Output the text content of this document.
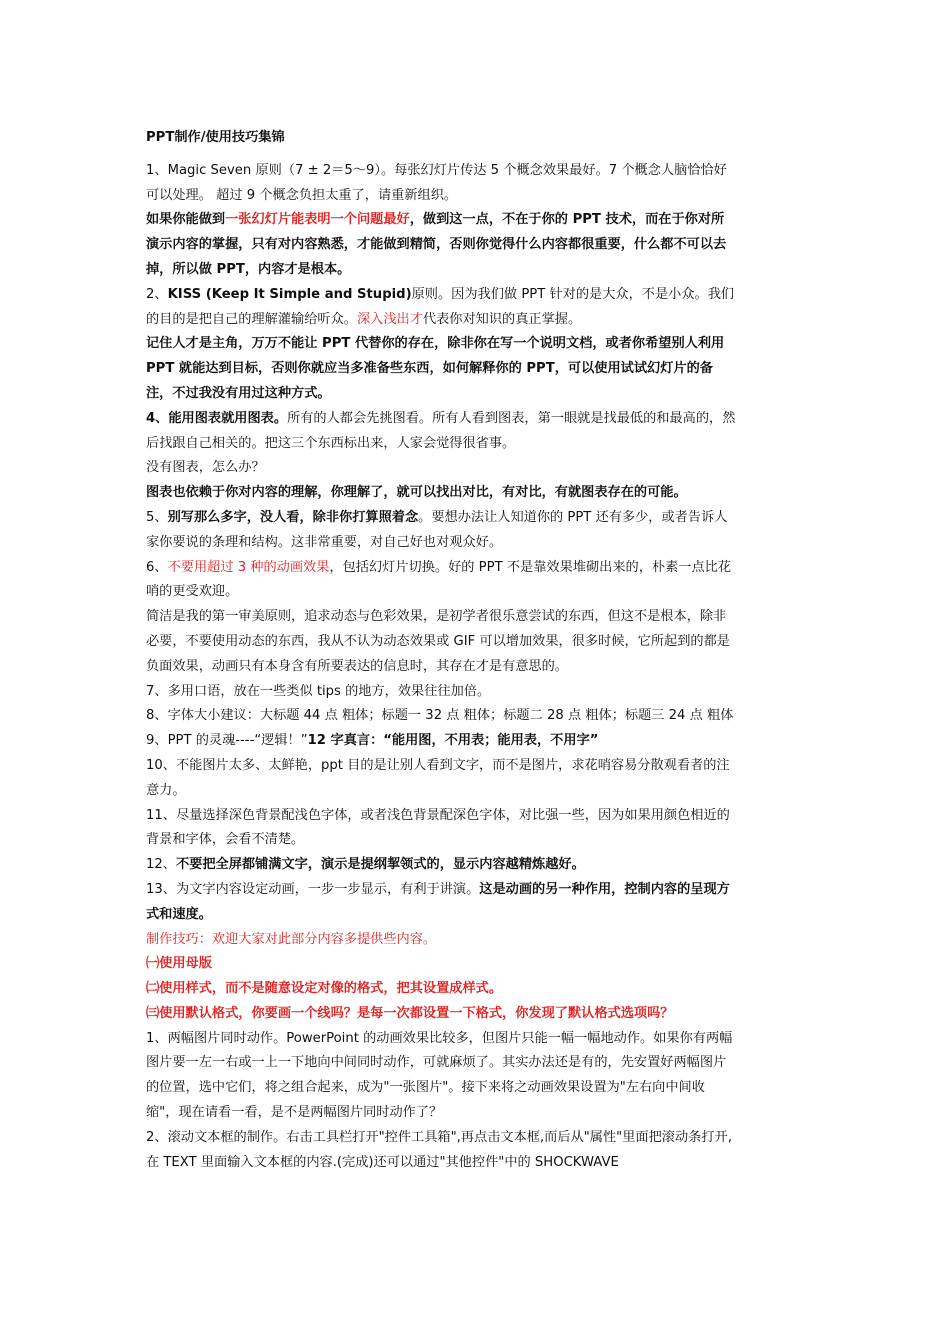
PPT制作/使用技巧集锦
1、Magic Seven 原则（7 ± 2＝5～9）。每张幻灯片传达 5 个概念效果最好。7 个概念人脑恰恰好可以处理。 超过 9 个概念负担太重了，请重新组织。
如果你能做到一张幻灯片能表明一个问题最好，做到这一点，不在于你的 PPT 技术，而在于你对所演示内容的掌握，只有对内容熟悉，才能做到精简，否则你觉得什么内容都很重要，什么都不可以去掉，所以做 PPT，内容才是根本。
2、KISS (Keep It Simple and Stupid)原则。因为我们做 PPT 针对的是大众，不是小众。我们的目的是把自己的理解灌输给听众。深入浅出才代表你对知识的真正掌握。
记住人才是主角，万万不能让 PPT 代替你的存在，除非你在写一个说明文档，或者你希望别人利用 PPT 就能达到目标，否则你就应当多准备些东西，如何解释你的 PPT，可以使用试试幻灯片的备注，不过我没有用过这种方式。
4、能用图表就用图表。所有的人都会先挑图看。所有人看到图表，第一眼就是找最低的和最高的，然后找跟自己相关的。把这三个东西标出来，人家会觉得很省事。
没有图表，怎么办？
图表也依赖于你对内容的理解，你理解了，就可以找出对比，有对比，有就图表存在的可能。
5、别写那么多字，没人看，除非你打算照着念。要想办法让人知道你的 PPT 还有多少，或者告诉人家你要说的条理和结构。这非常重要，对自己好也对观众好。
6、不要用超过 3 种的动画效果，包括幻灯片切换。好的 PPT 不是靠效果堆砌出来的，朴素一点比花哨的更受欢迎。
简洁是我的第一审美原则，追求动态与色彩效果，是初学者很乐意尝试的东西，但这不是根本，除非必要，不要使用动态的东西，我从不认为动态效果或 GIF 可以增加效果，很多时候，它所起到的都是负面效果，动画只有本身含有所要表达的信息时，其存在才是有意思的。
7、多用口语，放在一些类似 tips 的地方，效果往往加倍。
8、字体大小建议：大标题 44 点 粗体；标题一 32 点 粗体；标题二 28 点 粗体；标题三 24 点 粗体
9、PPT 的灵魂----“逻辑！”12 字真言：“能用图，不用表；能用表，不用字”
10、不能图片太多、太鲜艳，ppt 目的是让别人看到文字，而不是图片，求花哨容易分散观看者的注意力。
11、尽量选择深色背景配浅色字体，或者浅色背景配深色字体，对比强一些，因为如果用颜色相近的背景和字体，会看不清楚。
12、不要把全屏都铺满文字，演示是提纲挈领式的，显示内容越精炼越好。
13、为文字内容设定动画，一步一步显示，有利于讲演。这是动画的另一种作用，控制内容的呈现方式和速度。
制作技巧：欢迎大家对此部分内容多提供些内容。
㈠使用母版
㈡使用样式，而不是随意设定对像的格式，把其设置成样式。
㈢使用默认格式，你要画一个线吗？是每一次都设置一下格式，你发现了默认格式选项吗？
1、两幅图片同时动作。PowerPoint 的动画效果比较多，但图片只能一幅一幅地动作。如果你有两幅图片要一左一右或一上一下地向中间同时动作，可就麻烦了。其实办法还是有的，先安置好两幅图片的位置，选中它们，将之组合起来，成为"一张图片"。接下来将之动画效果设置为"左右向中间收缩"，现在请看一看，是不是两幅图片同时动作了？
2、滚动文本框的制作。右击工具栏打开"控件工具箱",再点击文本框,而后从"属性"里面把滚动条打开,在 TEXT 里面输入文本框的内容.(完成)还可以通过"其他控件"中的 SHOCKWAVE
